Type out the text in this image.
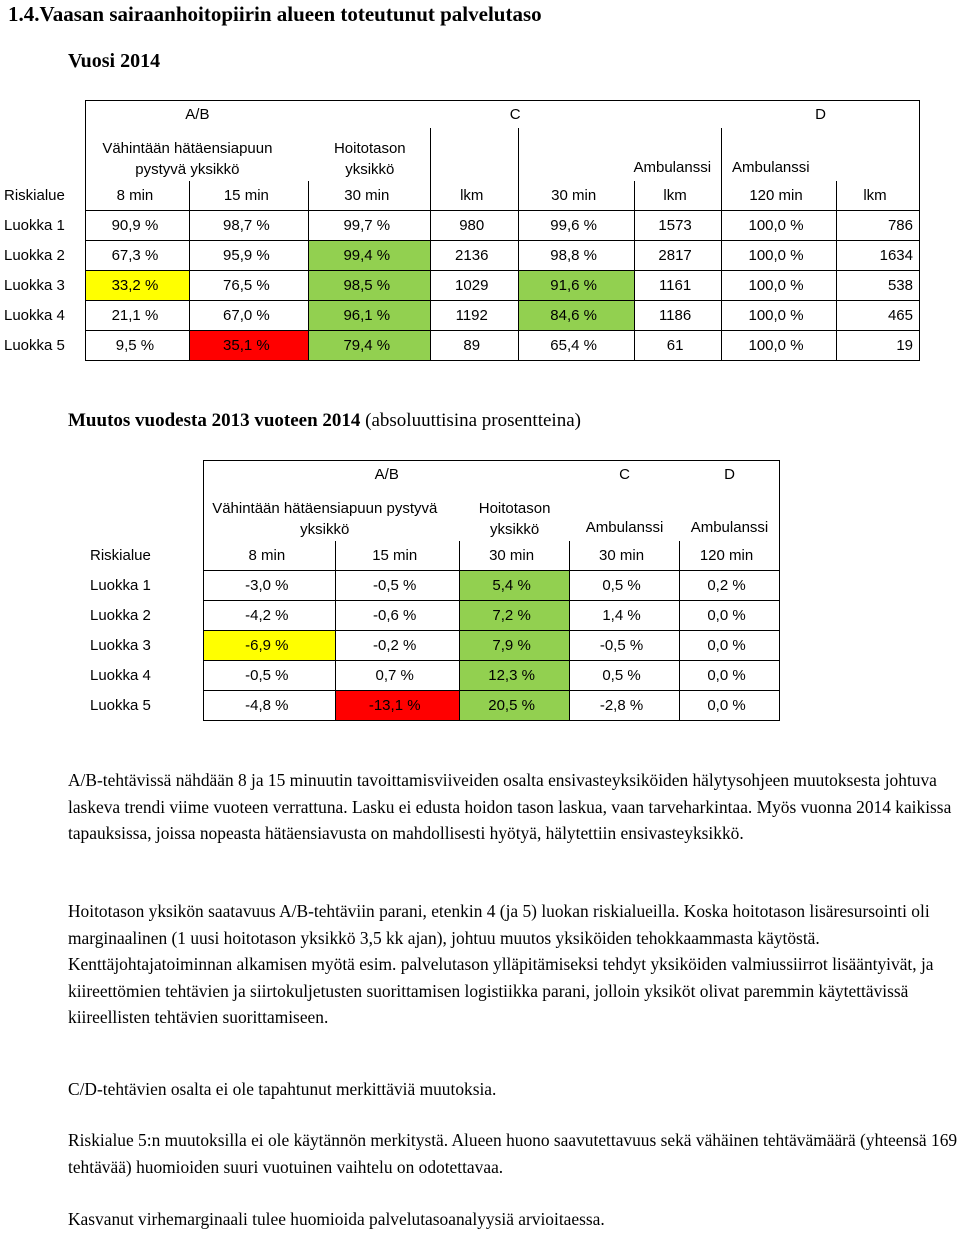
1.4.Vaasan sairaanhoitopiirin alueen toteutunut palvelutaso
Vuosi 2014
	A/B		C				D	
	Vähintään hätäensiapuun pystyvä yksikkö		Hoitotason yksikkö		Ambulanssi		Ambulanssi	
Riskialue	8 min	15 min	30 min	lkm	30 min	lkm	120 min	lkm
Luokka 1	90,9 %	98,7 %	99,7 %	980	99,6 %	1573	100,0 %	786
Luokka 2	67,3 %	95,9 %	99,4 %	2136	98,8 %	2817	100,0 %	1634
Luokka 3	33,2 %	76,5 %	98,5 %	1029	91,6 %	1161	100,0 %	538
Luokka 4	21,1 %	67,0 %	96,1 %	1192	84,6 %	1186	100,0 %	465
Luokka 5	9,5 %	35,1 %	79,4 %	89	65,4 %	61	100,0 %	19
Muutos vuodesta 2013 vuoteen 2014 (absoluuttisina prosentteina)
	A/B			C	D
	Vähintään hätäensiapuun pystyvä yksikkö		Hoitotason yksikkö	Ambulanssi	Ambulanssi
Riskialue	8 min	15 min	30 min	30 min	120 min
Luokka 1	-3,0 %	-0,5 %	5,4 %	0,5 %	0,2 %
Luokka 2	-4,2 %	-0,6 %	7,2 %	1,4 %	0,0 %
Luokka 3	-6,9 %	-0,2 %	7,9 %	-0,5 %	0,0 %
Luokka 4	-0,5 %	0,7 %	12,3 %	0,5 %	0,0 %
Luokka 5	-4,8 %	-13,1 %	20,5 %	-2,8 %	0,0 %
A/B-tehtävissä nähdään 8 ja 15 minuutin tavoittamisviiveiden osalta ensivasteyksiköiden hälytysohjeen muutoksesta johtuva laskeva trendi viime vuoteen verrattuna. Lasku ei edusta hoidon tason laskua, vaan tarveharkintaa. Myös vuonna 2014 kaikissa tapauksissa, joissa nopeasta hätäensiavusta on mahdollisesti hyötyä, hälytettiin ensivasteyksikkö.
Hoitotason yksikön saatavuus A/B-tehtäviin parani, etenkin 4 (ja 5) luokan riskialueilla. Koska hoitotason lisäresursointi oli marginaalinen (1 uusi hoitotason yksikkö 3,5 kk ajan), johtuu muutos yksiköiden tehokkaammasta käytöstä. Kenttäjohtajatoiminnan alkamisen myötä esim. palvelutason ylläpitämiseksi tehdyt yksiköiden valmiussiirrot lisääntyivät, ja kiireettömien tehtävien ja siirtokuljetusten suorittamisen logistiikka parani, jolloin yksiköt olivat paremmin käytettävissä kiireellisten tehtävien suorittamiseen.
C/D-tehtävien osalta ei ole tapahtunut merkittäviä muutoksia.
Riskialue 5:n muutoksilla ei ole käytännön merkitystä. Alueen huono saavutettavuus sekä vähäinen tehtävämäärä (yhteensä 169 tehtävää) huomioiden suuri vuotuinen vaihtelu on odotettavaa.
Kasvanut virhemarginaali tulee huomioida palvelutasoanalyysiä arvioitaessa.
